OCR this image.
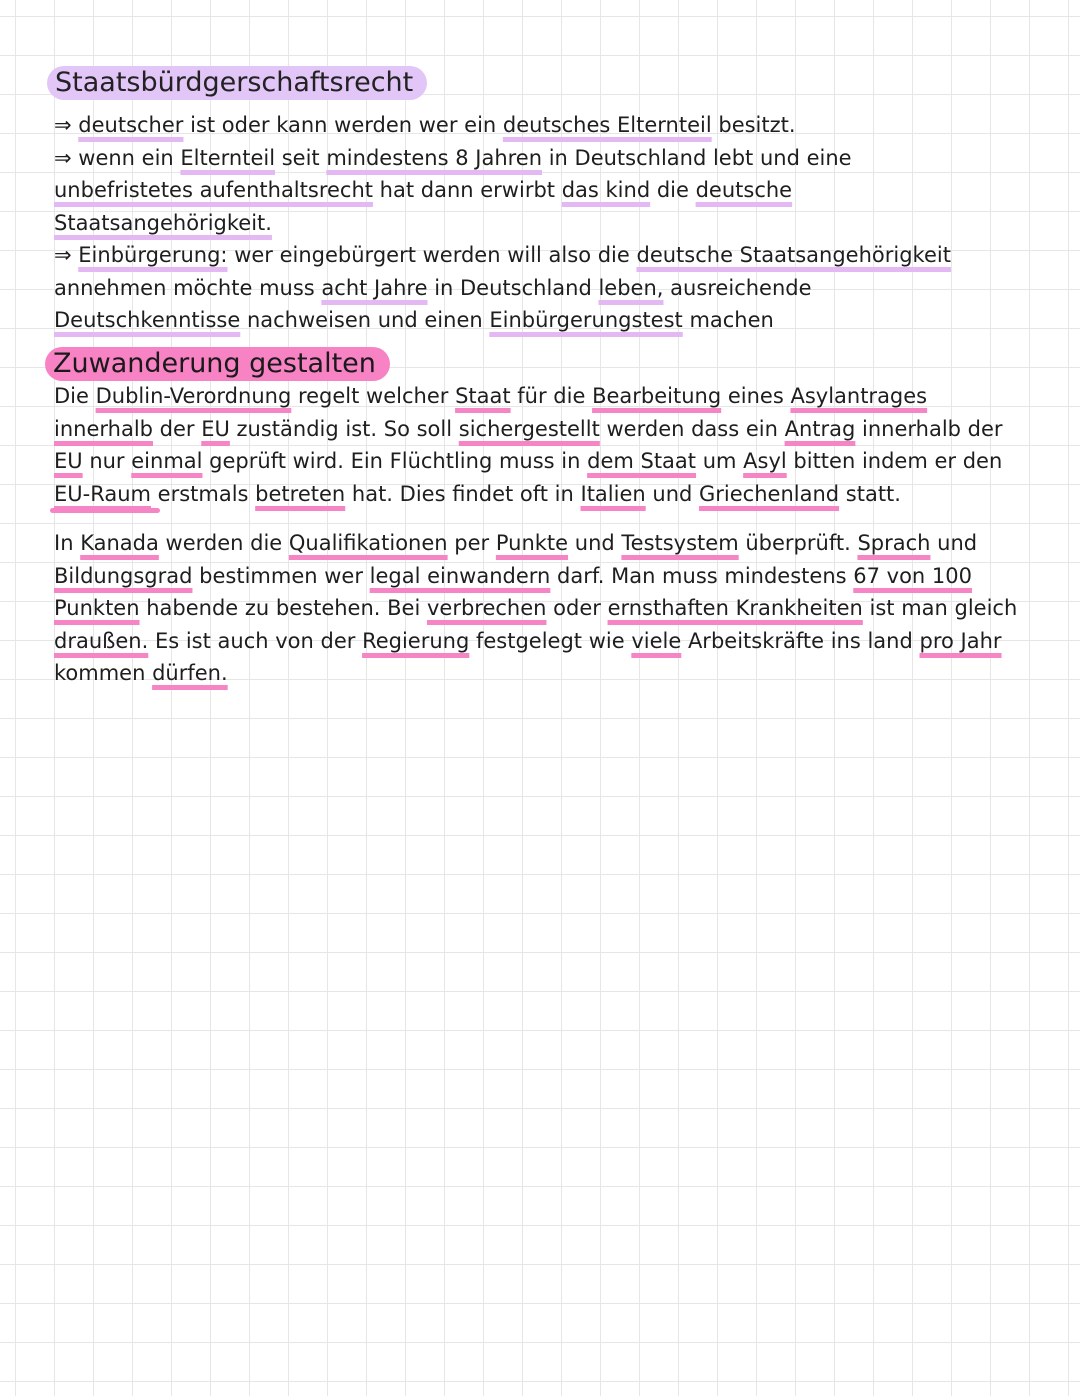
Staatsbürdgerschaftsrecht
⇒ deutscher ist oder kann werden wer ein deutsches Elternteil besitzt.
⇒ wenn ein Elternteil seit mindestens 8 Jahren in Deutschland lebt und eine
unbefristetes aufenthaltsrecht hat dann erwirbt das kind die deutsche
Staatsangehörigkeit.
⇒ Einbürgerung: wer eingebürgert werden will also die deutsche Staatsangehörigkeit
annehmen möchte muss acht Jahre in Deutschland leben, ausreichende
Deutschkenntisse nachweisen und einen Einbürgerungstest machen
Zuwanderung gestalten
Die Dublin-Verordnung regelt welcher Staat für die Bearbeitung eines Asylantrages
innerhalb der EU zuständig ist. So soll sichergestellt werden dass ein Antrag innerhalb der
EU nur einmal geprüft wird. Ein Flüchtling muss in dem Staat um Asyl bitten indem er den
EU-Raum erstmals betreten hat. Dies findet oft in Italien und Griechenland statt.
In Kanada werden die Qualifikationen per Punkte und Testsystem überprüft. Sprach und
Bildungsgrad bestimmen wer legal einwandern darf. Man muss mindestens 67 von 100
Punkten habende zu bestehen. Bei verbrechen oder ernsthaften Krankheiten ist man gleich
draußen. Es ist auch von der Regierung festgelegt wie viele Arbeitskräfte ins land pro Jahr
kommen dürfen.
